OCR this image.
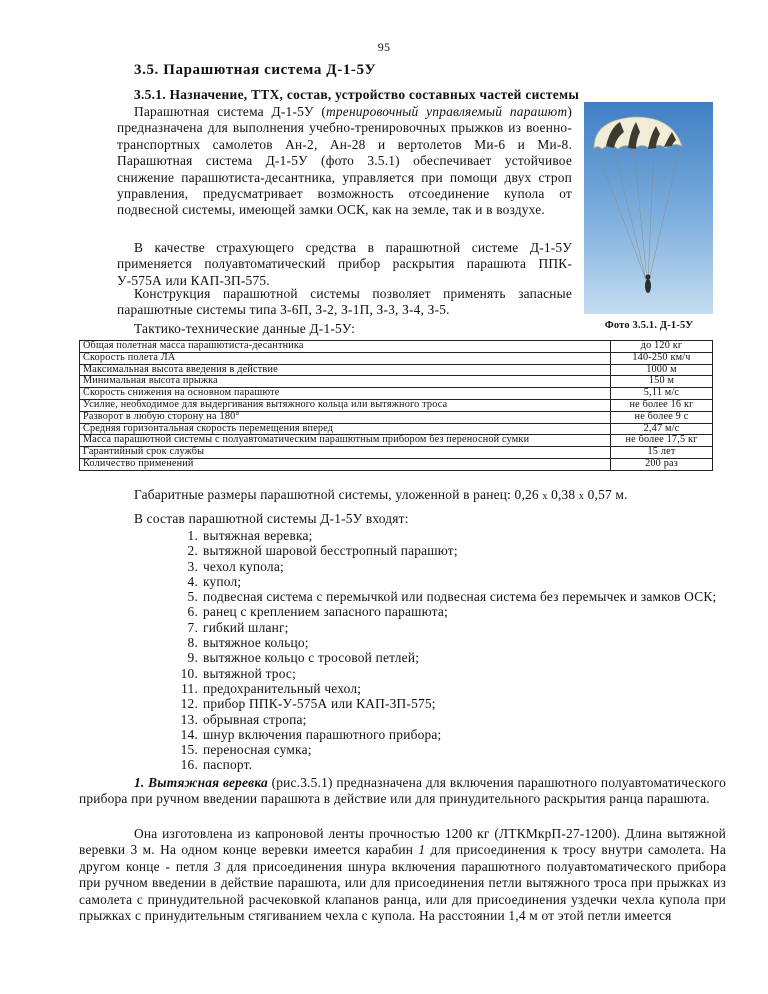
95
3.5. Парашютная система Д-1-5У
3.5.1. Назначение, ТТХ, состав, устройство составных частей системы
Парашютная система Д-1-5У (тренировочный управляемый парашют) предназначена для выполнения учебно-тренировочных прыжков из военно-транспортных самолетов Ан-2, Ан-28 и вертолетов Ми-6 и Ми-8. Парашютная система Д-1-5У (фото 3.5.1) обеспечивает устойчивое снижение парашютиста-десантника, управляется при помощи двух строп управления, предусматривает возможность отсоединение купола от подвесной системы, имеющей замки ОСК, как на земле, так и в воздухе.
В качестве страхующего средства в парашютной системе Д-1-5У применяется полуавтоматический прибор раскрытия парашюта ППК-У-575А или КАП-3П-575.
Конструкция парашютной системы позволяет применять запасные парашютные системы типа З-6П, З-2, З-1П, З-3, З-4, З-5.
Фото 3.5.1. Д-1-5У
Тактико-технические данные Д-1-5У:
Общая полетная масса парашютиста-десантника	до 120 кг
Скорость полета ЛА	140-250 км/ч
Максимальная высота введения в действие	1000 м
Минимальная высота прыжка	150 м
Скорость снижения на основном парашюте	5,11 м/с
Усилие, необходимое для выдергивания вытяжного кольца или вытяжного троса	не более 16 кг
Разворот в любую сторону на 180°	не более 9 с
Средняя горизонтальная скорость перемещения вперед	2,47 м/с
Масса парашютной системы с полуавтоматическим парашютным прибором без переносной сумки	не более 17,5 кг
Гарантийный срок службы	15 лет
Количество применений	200 раз
Габаритные размеры парашютной системы, уложенной в ранец: 0,26 х 0,38 х 0,57 м.
В состав парашютной системы Д-1-5У входят:
1. вытяжная веревка;
2. вытяжной шаровой бесстропный парашют;
3. чехол купола;
4. купол;
5. подвесная система с перемычкой или подвесная система без перемычек и замков ОСК;
6. ранец с креплением запасного парашюта;
7. гибкий шланг;
8. вытяжное кольцо;
9. вытяжное кольцо с тросовой петлей;
10. вытяжной трос;
11. предохранительный чехол;
12. прибор ППК-У-575А или КАП-3П-575;
13. обрывная стропа;
14. шнур включения парашютного прибора;
15. переносная сумка;
16. паспорт.
1. Вытяжная веревка (рис.3.5.1) предназначена для включения парашютного полуавтоматического прибора при ручном введении парашюта в действие или для принудительного раскрытия ранца парашюта.
Она изготовлена из капроновой ленты прочностью 1200 кг (ЛТКМкрП-27-1200). Длина вытяжной веревки 3 м. На одном конце веревки имеется карабин 1 для присоединения к тросу внутри самолета. На другом конце - петля 3 для присоединения шнура включения парашютного полуавтоматического прибора при ручном введении в действие парашюта, или для присоединения петли вытяжного троса при прыжках из самолета с принудительной расчековкой клапанов ранца, или для присоединения уздечки чехла купола при прыжках с принудительным стягиванием чехла с купола. На расстоянии 1,4 м от этой петли имеется
